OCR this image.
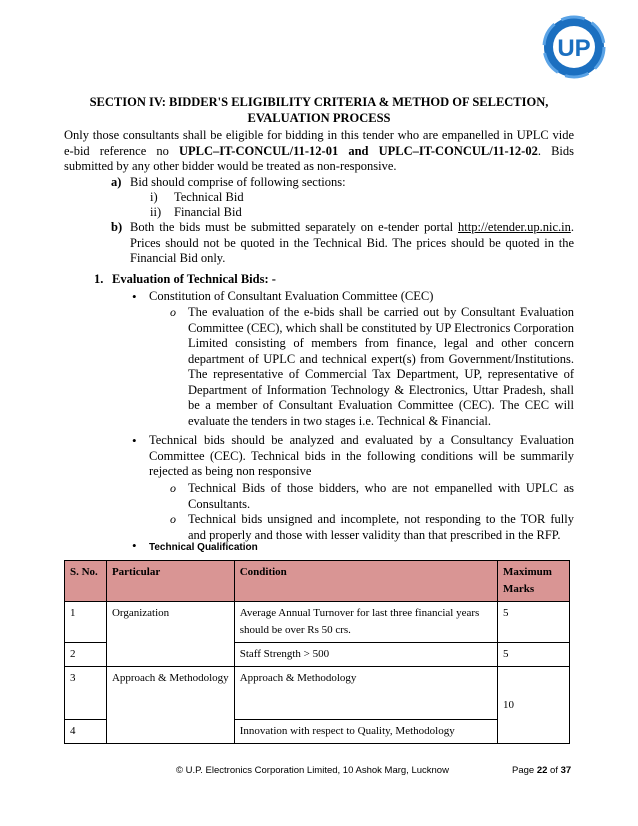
UP
SECTION IV: BIDDER'S ELIGIBILITY CRITERIA & METHOD OF SELECTION,
EVALUATION PROCESS
Only those consultants shall be eligible for bidding in this tender who are empanelled in UPLC vide e-bid reference no UPLC–IT-CONCUL/11-12-01 and UPLC–IT-CONCUL/11-12-02. Bids submitted by any other bidder would be treated as non-responsive.
a) Bid should comprise of following sections:
i) Technical Bid
ii) Financial Bid
b) Both the bids must be submitted separately on e-tender portal http://etender.up.nic.in. Prices should not be quoted in the Technical Bid. The prices should be quoted in the Financial Bid only.
1. Evaluation of Technical Bids: -
• Constitution of Consultant Evaluation Committee (CEC)
o The evaluation of the e-bids shall be carried out by Consultant Evaluation Committee (CEC), which shall be constituted by UP Electronics Corporation Limited consisting of members from finance, legal and other concern department of UPLC and technical expert(s) from Government/Institutions. The representative of Commercial Tax Department, UP, representative of Department of Information Technology & Electronics, Uttar Pradesh, shall be a member of Consultant Evaluation Committee (CEC). The CEC will evaluate the tenders in two stages i.e. Technical & Financial.
• Technical bids should be analyzed and evaluated by a Consultancy Evaluation Committee (CEC). Technical bids in the following conditions will be summarily rejected as being non responsive
o Technical Bids of those bidders, who are not empanelled with UPLC as Consultants.
o Technical bids unsigned and incomplete, not responding to the TOR fully and properly and those with lesser validity than that prescribed in the RFP.
• Technical Qualification
S. No.	Particular	Condition	Maximum Marks
1	Organization	Average Annual Turnover for last three financial years should be over Rs 50 crs.	5
2		Staff Strength > 500	5
3	Approach & Methodology	Approach & Methodology	10
4		Innovation with respect to Quality, Methodology	
© U.P. Electronics Corporation Limited, 10 Ashok Marg, Lucknow	Page 22 of 37
